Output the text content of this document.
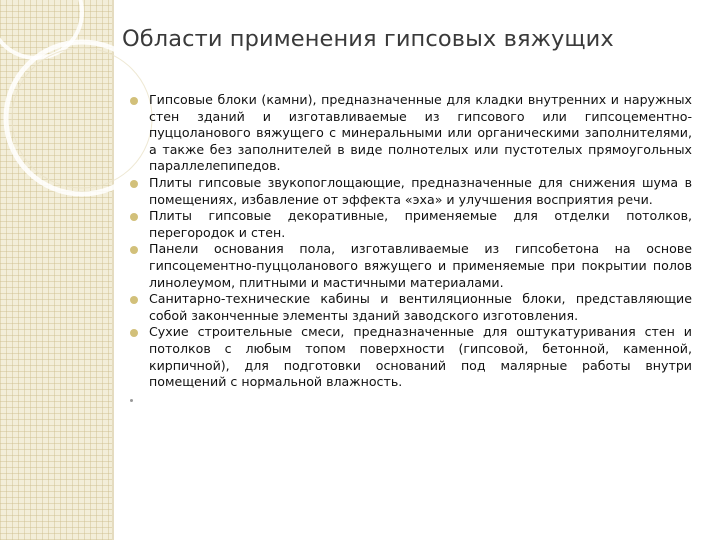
Области применения гипсовых вяжущих
Гипсовые блоки (камни), предназначенные для кладки внутренних и наружных стен зданий и изготавливаемые из гипсового или гипсоцементно-пуццоланового вяжущего с минеральными или органическими заполнителями, а также без заполнителей в виде полнотелых или пустотелых прямоугольных параллелепипедов.
Плиты гипсовые звукопоглощающие, предназначенные для снижения шума в помещениях, избавление от эффекта «эха» и улучшения восприятия речи.
Плиты гипсовые декоративные, применяемые для отделки потолков, перегородок и стен.
Панели основания пола, изготавливаемые из гипсобетона на основе гипсоцементно-пуццоланового вяжущего и применяемые при покрытии полов линолеумом, плитными и мастичными материалами.
Санитарно-технические кабины и вентиляционные блоки, представляющие собой законченные элементы зданий заводского изготовления.
Сухие строительные смеси, предназначенные для оштукатуривания стен и потолков с любым топом поверхности (гипсовой, бетонной, каменной, кирпичной), для подготовки оснований под малярные работы внутри помещений с нормальной влажность.
